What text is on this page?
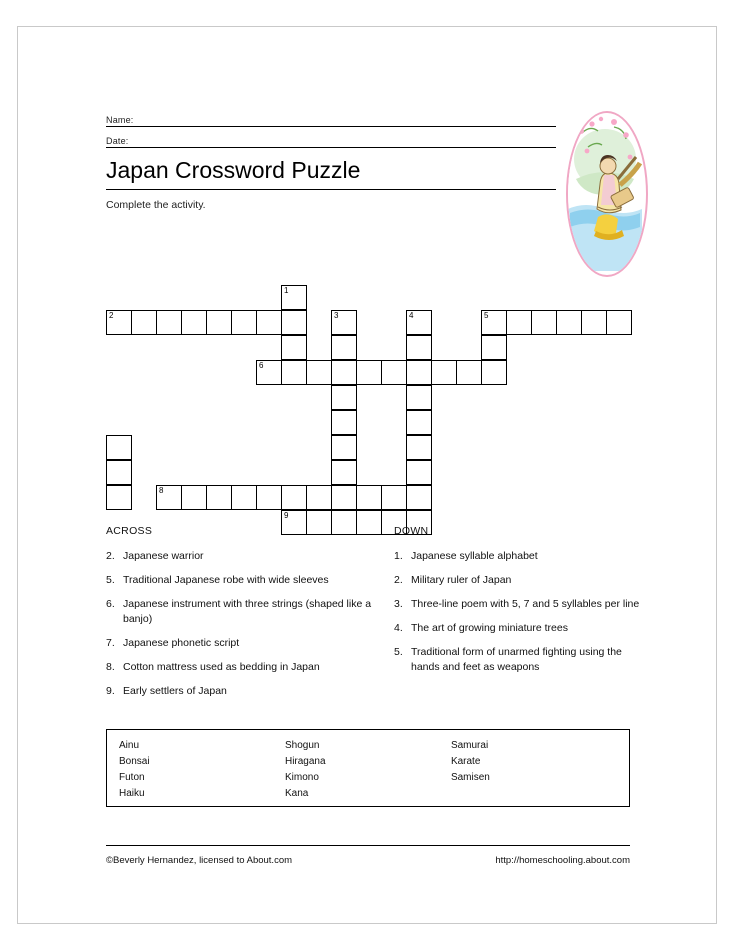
Name:
Date:
Japan Crossword Puzzle
Complete the activity.
1
2	3	4	5
6
8
9
ACROSS
2. Japanese warrior
5. Traditional Japanese robe with wide sleeves
6. Japanese instrument with three strings (shaped like a banjo)
7. Japanese phonetic script
8. Cotton mattress used as bedding in Japan
9. Early settlers of Japan
DOWN
1. Japanese syllable alphabet
2. Military ruler of Japan
3. Three-line poem with 5, 7 and 5 syllables per line
4. The art of growing miniature trees
5. Traditional form of unarmed fighting using the hands and feet as weapons
Ainu
Bonsai
Futon
Haiku
Shogun
Hiragana
Kimono
Kana
Samurai
Karate
Samisen
©Beverly Hernandez, licensed to About.com	http://homeschooling.about.com
